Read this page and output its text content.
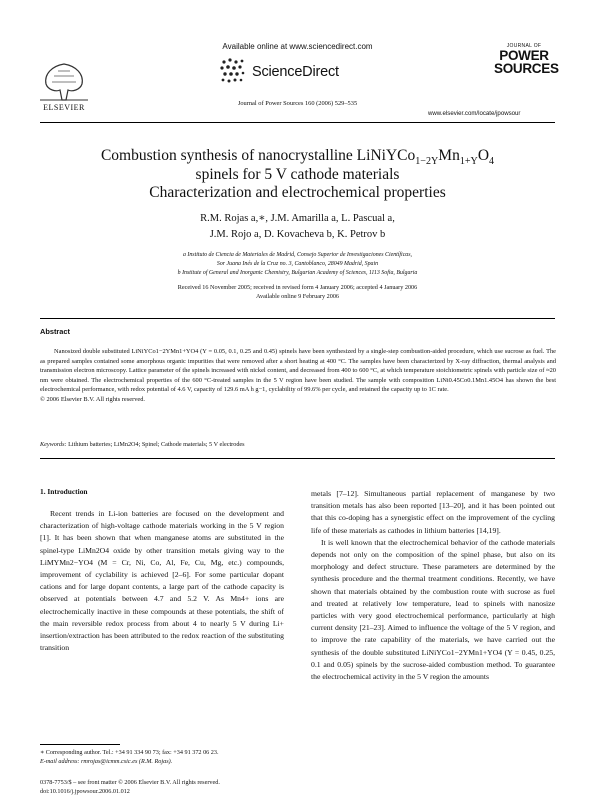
Available online at www.sciencedirect.com
ScienceDirect
Journal of Power Sources 160 (2006) 529–535
ELSEVIER
JOURNAL OF
POWER
SOURCES
www.elsevier.com/locate/jpowsour
Combustion synthesis of nanocrystalline $LiNiYCo_{1-2Y}Mn_{1+Y}O_4$
spinels for 5 V cathode materials
Characterization and electrochemical properties
R.M. Rojas a,∗, J.M. Amarilla a, L. Pascual a,
J.M. Rojo a, D. Kovacheva b, K. Petrov b
a Instituto de Ciencia de Materiales de Madrid, Consejo Superior de Investigaciones Científicas,
Sor Juana Inés de la Cruz no. 3, Cantoblanco, 28049 Madrid, Spain
b Institute of General and Inorganic Chemistry, Bulgarian Academy of Sciences, 1113 Sofia, Bulgaria
Received 16 November 2005; received in revised form 4 January 2006; accepted 4 January 2006
Available online 9 February 2006
Abstract

Nanosized double substituted LiNiYCo1−2YMn1+YO4 (Y = 0.05, 0.1, 0.25 and 0.45) spinels have been synthesized by a single-step combustion-aided procedure, which use sucrose as fuel. The as prepared samples contained some amorphous organic impurities that were removed after a short heating at 400 °C. The samples have been characterized by X-ray diffraction, thermal analysis and transmission electron microscopy. Lattice parameter of the spinels increased with nickel content, and decreased from 400 to 600 °C, at which temperature stoichiometric spinels with particle size of ≈20 nm were obtained. The electrochemical properties of the 600 °C-treated samples in the 5 V region have been studied. The sample with composition LiNi0.45Co0.1Mn1.45O4 has shown the best electrochemical performance, with redox potential of 4.6 V, capacity of 129.6 mA h g−1, cyclability of 99.6% per cycle, and retained the capacity up to 1C rate.

© 2006 Elsevier B.V. All rights reserved.

Keywords: Lithium batteries; LiMn2O4; Spinel; Cathode materials; 5 V electrodes
1. Introduction

Recent trends in Li-ion batteries are focused on the development and characterization of high-voltage cathode materials working in the 5 V region [1]. It has been shown that when manganese atoms are substituted in the spinel-type LiMn2O4 oxide by other transition metals giving way to the LiMYMn2−YO4 (M = Cr, Ni, Co, Al, Fe, Cu, Mg, etc.) compounds, improvement of cyclability is achieved [2–6]. For some particular dopant cations and for large dopant contents, a large part of the cathode capacity is observed at potentials between 4.7 and 5.2 V. As Mn4+ ions are electrochemically inactive in these compounds at these potentials, the shift of the main reversible redox process from about 4 to nearly 5 V during Li+ insertion/extraction has been attributed to the redox reaction of the substituting transition

metals [7–12]. Simultaneous partial replacement of manganese by two transition metals has also been reported [13–20], and it has been pointed out that this co-doping has a synergistic effect on the improvement of the cycling life of these materials as cathodes in lithium batteries [14,19].

It is well known that the electrochemical behavior of the cathode materials depends not only on the composition of the spinel phase, but also on its morphology and defect structure. These parameters are determined by the synthesis procedure and the thermal treatment conditions. Recently, we have shown that materials obtained by the combustion route with sucrose as fuel and treated at relatively low temperature, lead to spinels with nanosize particles with very good electrochemical performance, particularly at high current density [21–23]. Aimed to influence the voltage of the 5 V region, and to improve the rate capability of the materials, we have carried out the synthesis of the double substituted LiNiYCo1−2YMn1+YO4 (Y = 0.45, 0.25, 0.1 and 0.05) spinels by the sucrose-aided combustion method. To guarantee the electrochemical activity in the 5 V region the amounts

∗ Corresponding author. Tel.: +34 91 334 90 73; fax: +34 91 372 06 23.
E-mail address: rmrojas@icmm.csic.es (R.M. Rojas).
0378-7753/$ – see front matter © 2006 Elsevier B.V. All rights reserved.
doi:10.1016/j.jpowsour.2006.01.012
